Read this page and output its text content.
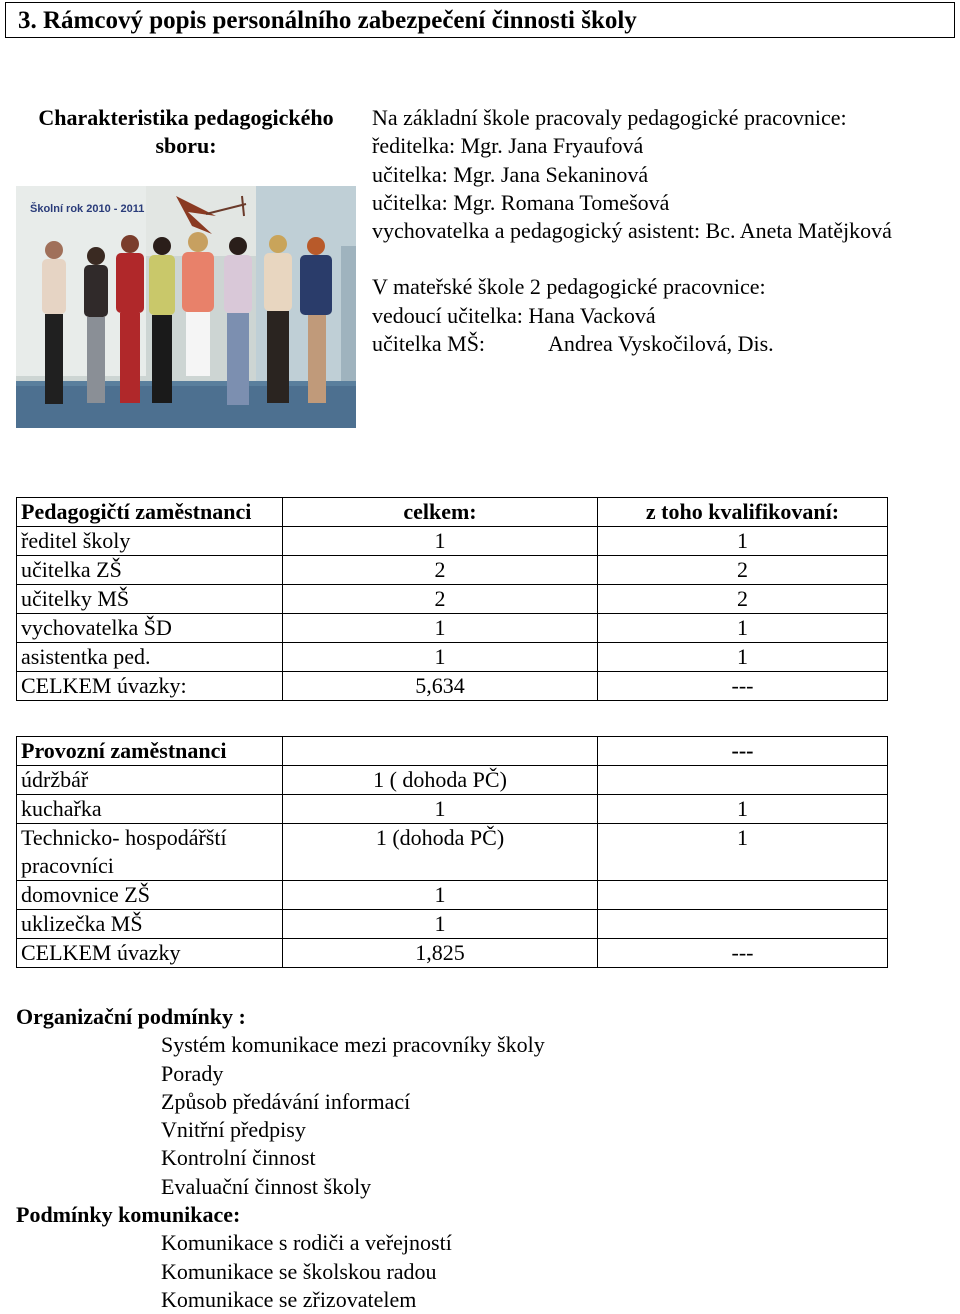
3. Rámcový popis personálního zabezpečení činnosti školy
Charakteristika pedagogického
sboru:
Školní rok 2010 - 2011
Na základní škole pracovaly pedagogické pracovnice:
ředitelka: Mgr. Jana Fryaufová
učitelka: Mgr. Jana Sekaninová
učitelka: Mgr. Romana Tomešová
vychovatelka a pedagogický asistent: Bc. Aneta Matějková
V mateřské škole 2 pedagogické pracovnice:
vedoucí učitelka: Hana Vacková
učitelka MŠ:	Andrea Vyskočilová, Dis.
Pedagogičtí zaměstnanci	celkem:	z toho kvalifikovaní:
ředitel školy	1	1
učitelka ZŠ	2	2
učitelky MŠ	2	2
vychovatelka ŠD	1	1
asistentka ped.	1	1
CELKEM úvazky:	5,634	---
Provozní zaměstnanci		---
údržbář	1 ( dohoda PČ)	
kuchařka	1	1
Technicko- hospodářští pracovníci	1 (dohoda PČ)	1
domovnice ZŠ	1	
uklizečka MŠ	1	
CELKEM úvazky	1,825	---
Organizační podmínky :
Systém komunikace mezi pracovníky školy
Porady
Způsob předávání informací
Vnitřní předpisy
Kontrolní činnost
Evaluační činnost školy
Podmínky komunikace:
Komunikace s rodiči a veřejností
Komunikace se školskou radou
Komunikace se zřizovatelem
